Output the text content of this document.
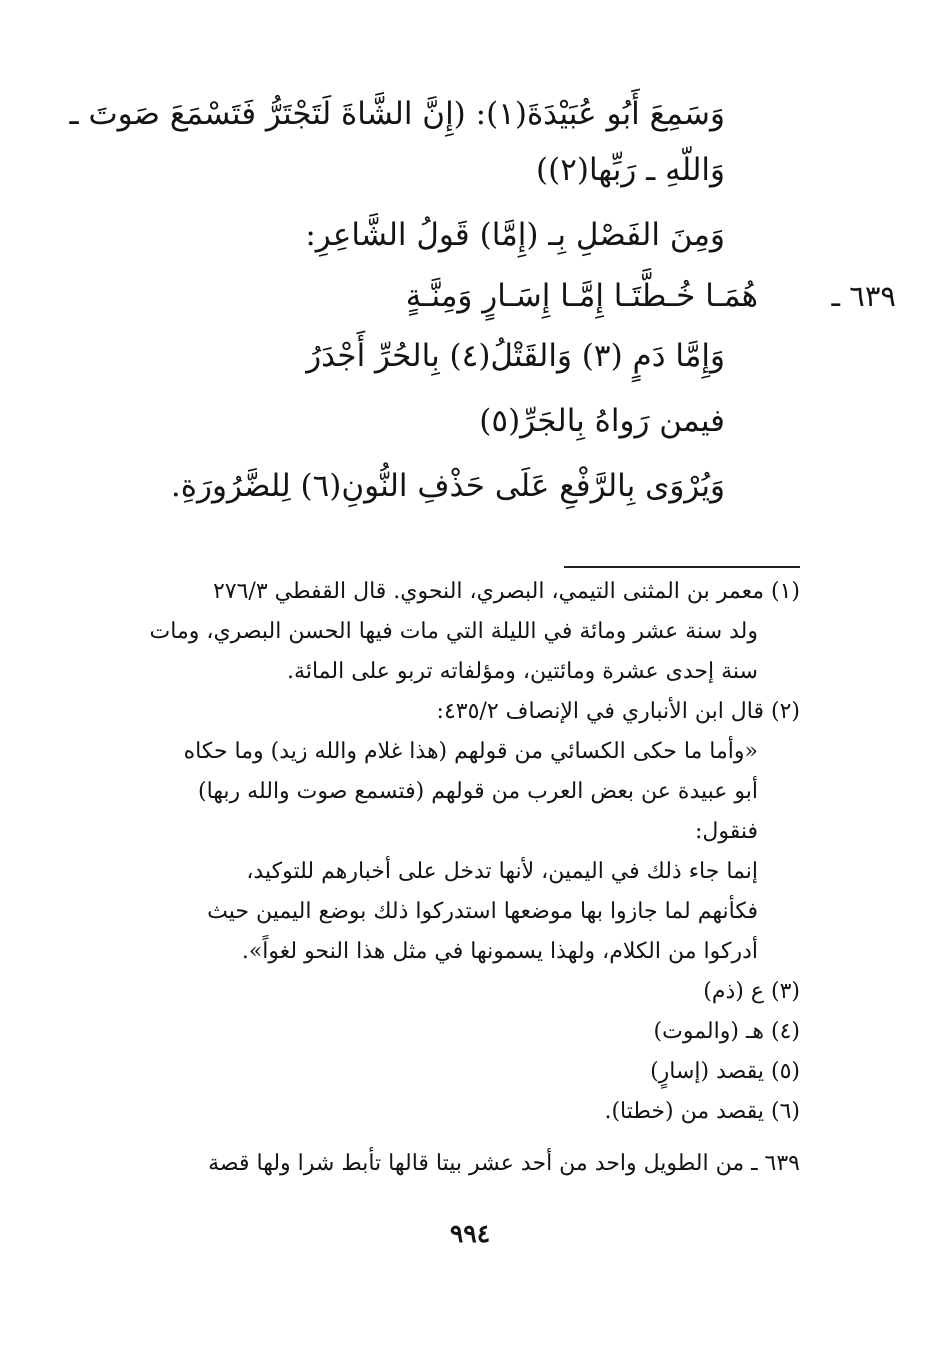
وَسَمِعَ أَبُو عُبَيْدَةَ(١): (إِنَّ الشَّاةَ لَتَجْتَرُّ فَتَسْمَعَ صَوتَ ـ

وَاللّهِ ـ رَبِّها(٢))

وَمِنَ الفَصْلِ بِـ (إِمَّا) قَولُ الشَّاعِرِ:

٦٣٩ ـ

هُمَـا خُـطَّتَـا إِمَّـا إِسَـارٍ وَمِنَّـةٍ

وَإِمَّا دَمٍ (٣) وَالقَتْلُ(٤) بِالحُرِّ أَجْدَرُ

فيمن رَواهُ بِالجَرِّ(٥)

وَيُرْوَى بِالرَّفْعِ عَلَى حَذْفِ النُّونِ(٦) لِلضَّرُورَةِ.

(١) معمر بن المثنى التيمي، البصري، النحوي. قال القفطي ٢٧٦/٣

ولد سنة عشر ومائة في الليلة التي مات فيها الحسن البصري، ومات

سنة إحدى عشرة ومائتين، ومؤلفاته تربو على المائة.

(٢) قال ابن الأنباري في الإنصاف ٤٣٥/٢:

«وأما ما حكى الكسائي من قولهم (هذا غلام والله زيد) وما حكاه

أبو عبيدة عن بعض العرب من قولهم (فتسمع صوت والله ربها)

فنقول:

إنما جاء ذلك في اليمين، لأنها تدخل على أخبارهم للتوكيد،

فكأنهم لما جازوا بها موضعها استدركوا ذلك بوضع اليمين حيث

أدركوا من الكلام، ولهذا يسمونها في مثل هذا النحو لغواً».

(٣) ع (ذم)

(٤) هـ (والموت)

(٥) يقصد (إسارٍ)

(٦) يقصد من (خطتا).

٦٣٩ ـ من الطويل واحد من أحد عشر بيتا قالها تأبط شرا ولها قصة

٩٩٤
